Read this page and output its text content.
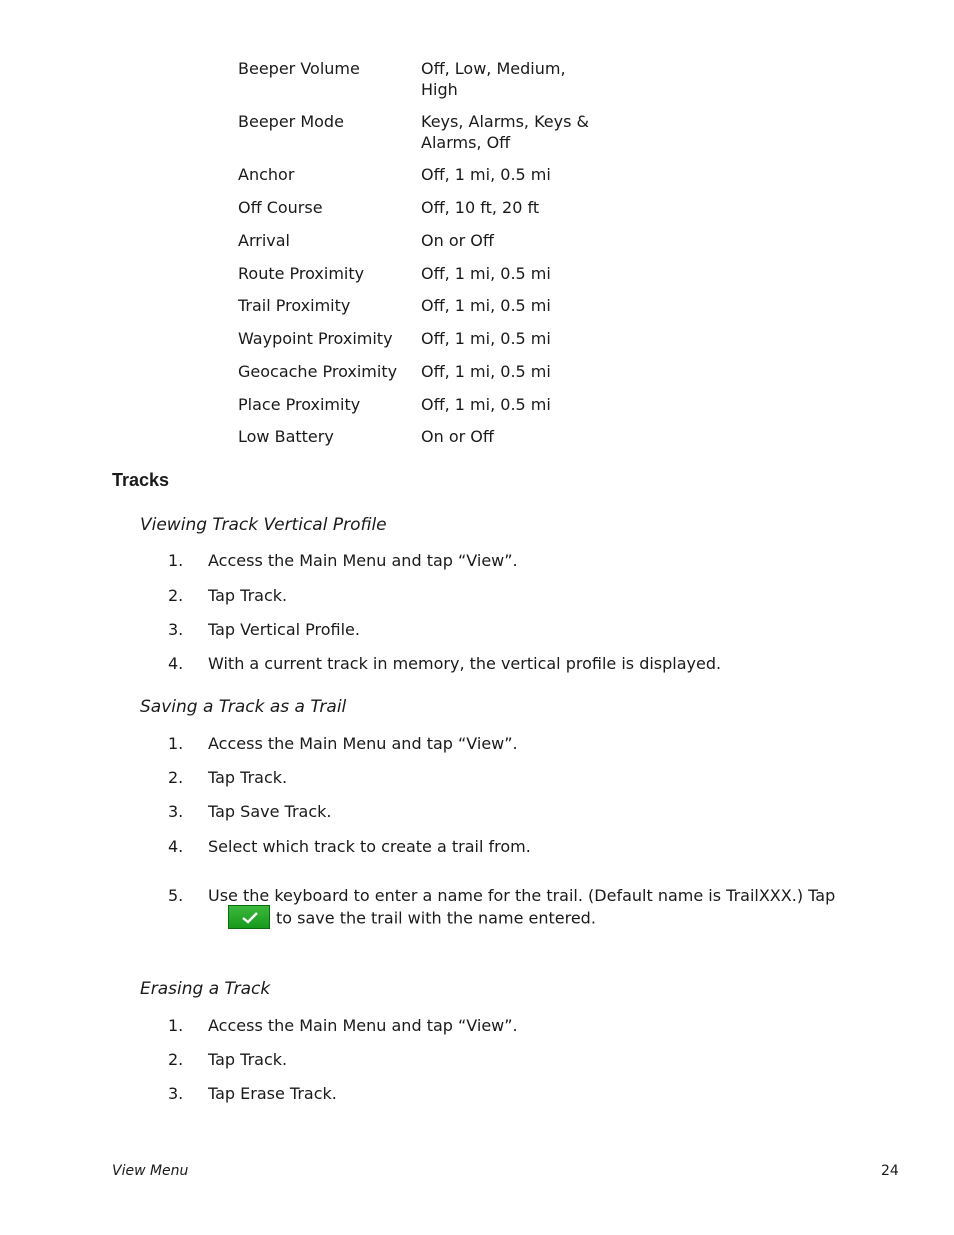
Beeper Volume	Off, Low, Medium, High
Beeper Mode	Keys, Alarms, Keys & Alarms, Off
Anchor	Off, 1 mi, 0.5 mi
Off Course	Off, 10 ft, 20 ft
Arrival	On or Off
Route Proximity	Off, 1 mi, 0.5 mi
Trail Proximity	Off, 1 mi, 0.5 mi
Waypoint Proximity Off, 1 mi, 0.5 mi
Geocache Proximity Off, 1 mi, 0.5 mi
Place Proximity	Off, 1 mi, 0.5 mi
Low Battery	On or Off
Tracks
Viewing Track Vertical Profile
1. Access the Main Menu and tap “View”.
2. Tap Track.
3. Tap Vertical Profile.
4. With a current track in memory, the vertical profile is displayed.
Saving a Track as a Trail
1. Access the Main Menu and tap “View”.
2. Tap Track.
3. Tap Save Track.
4. Select which track to create a trail from.
5. Use the keyboard to enter a name for the trail. (Default name is TrailXXX.) Tap
to save the trail with the name entered.
Erasing a Track
1. Access the Main Menu and tap “View”.
2. Tap Track.
3. Tap Erase Track.
View Menu	24
